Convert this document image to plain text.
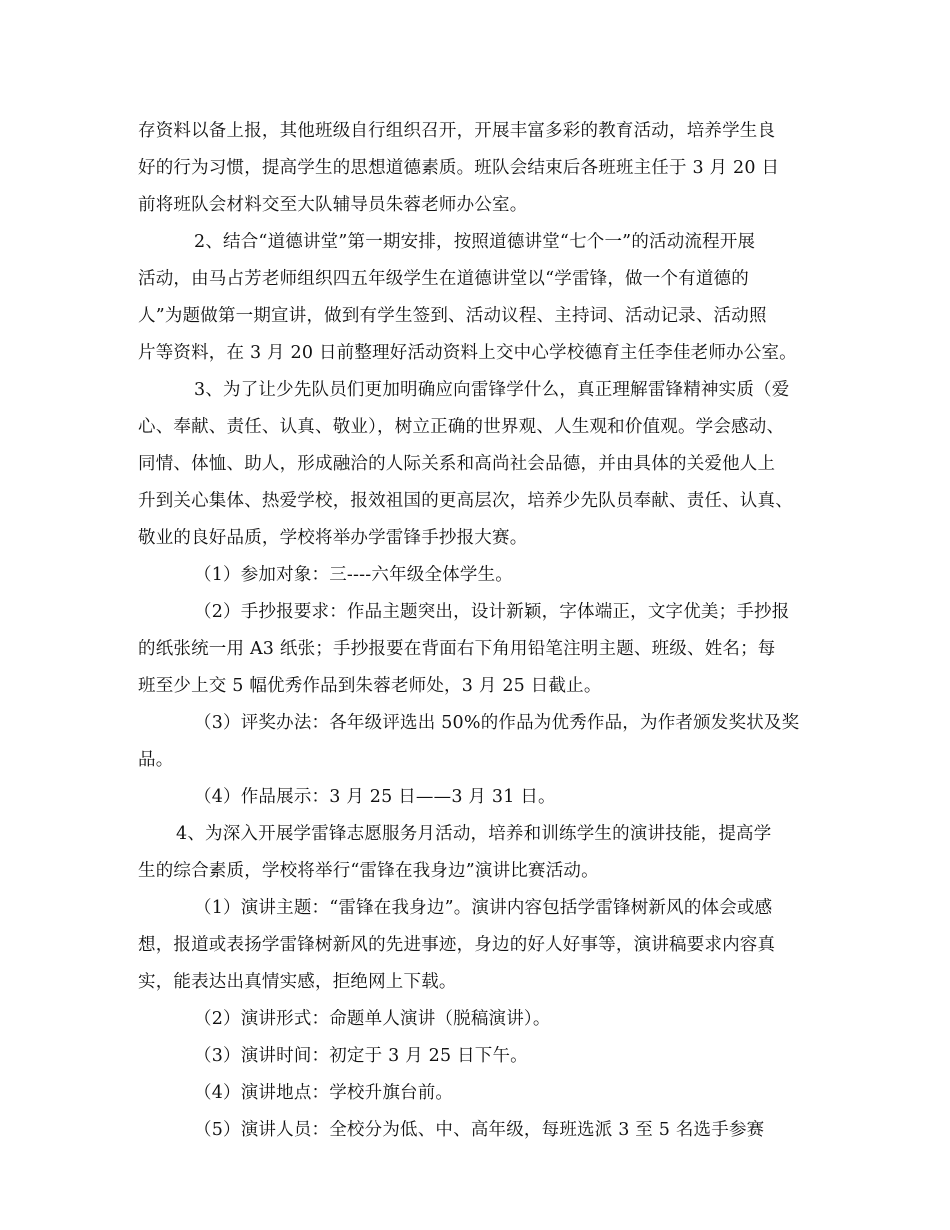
存资料以备上报，其他班级自行组织召开，开展丰富多彩的教育活动，培养学生良
好的行为习惯，提高学生的思想道德素质。班队会结束后各班班主任于 3 月 20 日
前将班队会材料交至大队辅导员朱蓉老师办公室。
2、结合“道德讲堂”第一期安排，按照道德讲堂“七个一”的活动流程开展
活动，由马占芳老师组织四五年级学生在道德讲堂以“学雷锋，做一个有道德的
人”为题做第一期宣讲，做到有学生签到、活动议程、主持词、活动记录、活动照
片等资料，在 3 月 20 日前整理好活动资料上交中心学校德育主任李佳老师办公室。
3、为了让少先队员们更加明确应向雷锋学什么，真正理解雷锋精神实质（爱
心、奉献、责任、认真、敬业），树立正确的世界观、人生观和价值观。学会感动、
同情、体恤、助人，形成融洽的人际关系和高尚社会品德，并由具体的关爱他人上
升到关心集体、热爱学校，报效祖国的更高层次，培养少先队员奉献、责任、认真、
敬业的良好品质，学校将举办学雷锋手抄报大赛。
（1）参加对象：三----六年级全体学生。
（2）手抄报要求：作品主题突出，设计新颖，字体端正，文字优美；手抄报
的纸张统一用 A3 纸张；手抄报要在背面右下角用铅笔注明主题、班级、姓名；每
班至少上交 5 幅优秀作品到朱蓉老师处，3 月 25 日截止。
（3）评奖办法：各年级评选出 50%的作品为优秀作品，为作者颁发奖状及奖
品。
（4）作品展示：3 月 25 日——3 月 31 日。
4、为深入开展学雷锋志愿服务月活动，培养和训练学生的演讲技能，提高学
生的综合素质，学校将举行“雷锋在我身边”演讲比赛活动。
（1）演讲主题：“雷锋在我身边”。演讲内容包括学雷锋树新风的体会或感
想，报道或表扬学雷锋树新风的先进事迹，身边的好人好事等，演讲稿要求内容真
实，能表达出真情实感，拒绝网上下载。
（2）演讲形式：命题单人演讲（脱稿演讲）。
（3）演讲时间：初定于 3 月 25 日下午。
（4）演讲地点：学校升旗台前。
（5）演讲人员：全校分为低、中、高年级，每班选派 3 至 5 名选手参赛
